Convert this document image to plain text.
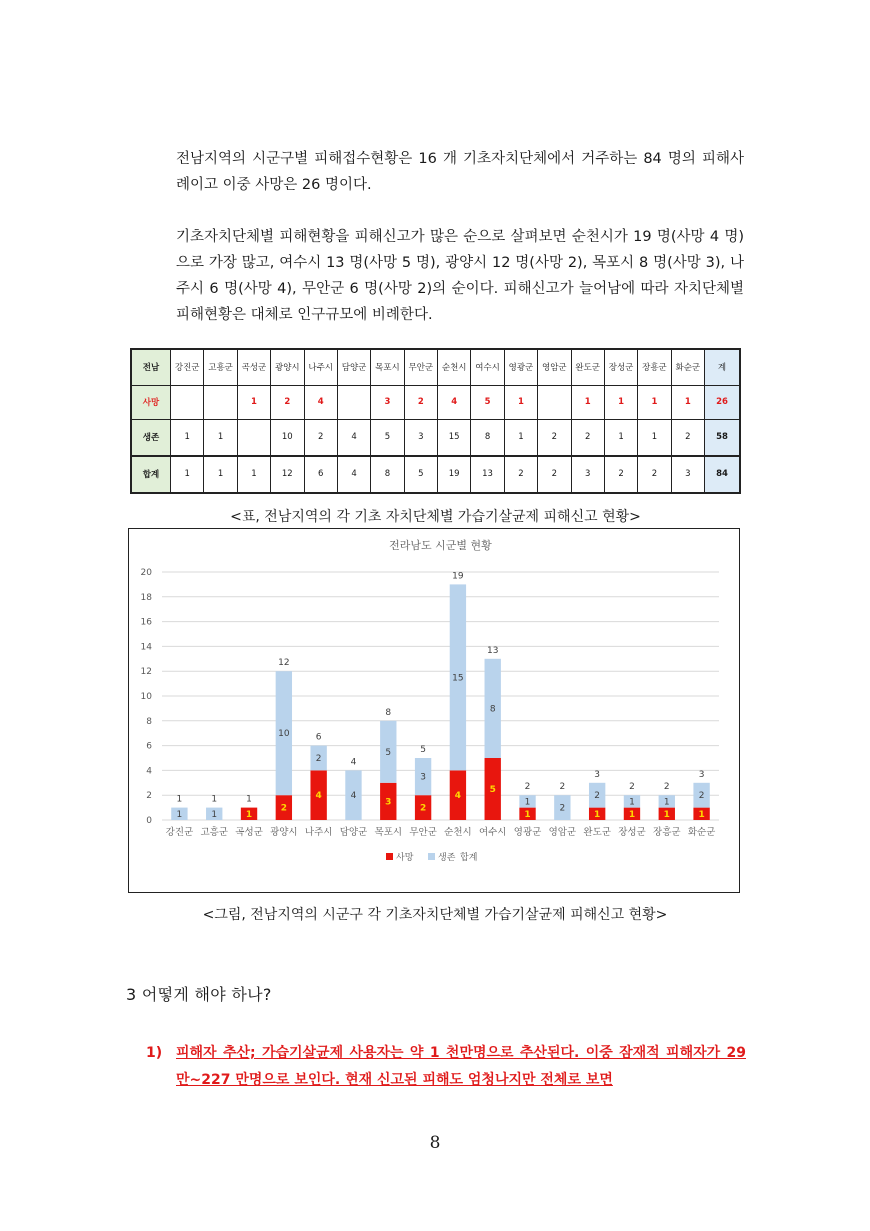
전남지역의 시군구별 피해접수현황은 16 개 기초자치단체에서 거주하는 84 명의 피해사례이고 이중 사망은 26 명이다.
기초자치단체별 피해현황을 피해신고가 많은 순으로 살펴보면 순천시가 19 명(사망 4 명)으로 가장 많고, 여수시 13 명(사망 5 명), 광양시 12 명(사망 2), 목포시 8 명(사망 3), 나주시 6 명(사망 4), 무안군 6 명(사망 2)의 순이다. 피해신고가 늘어남에 따라 자치단체별 피해현황은 대체로 인구규모에 비례한다.
전남	강진군	고흥군	곡성군	광양시	나주시	담양군	목포시	무안군	순천시	여수시	영광군	영암군	완도군	장성군	장흥군	화순군	계
사망			1	2	4		3	2	4	5	1		1	1	1	1	26
생존	1	1		10	2	4	5	3	15	8	1	2	2	1	1	2	58
합계	1	1	1	12	6	4	8	5	19	13	2	2	3	2	2	3	84
<표, 전남지역의 각 기초 자치단체별 가습기살균제 피해신고 현황>
전라남도 시군별 현황
0
2
4
6
8
10
12
14
16
18
20
1
1
강진군
1
1
고흥군
1
1
곡성군
2
10
12
광양시
4
2
6
나주시
4
4
담양군
3
5
8
목포시
2
3
5
무안군
4
15
19
순천시
5
8
13
여수시
1
1
2
영광군
2
2
영암군
1
2
3
완도군
1
1
2
장성군
1
1
2
장흥군
1
2
3
화순군
사망	생존 합계
<그림, 전남지역의 시군구 각 기초자치단체별 가습기살균제 피해신고 현황>
3 어떻게 해야 하나?
1) 피해자 추산; 가습기살균제 사용자는 약 1 천만명으로 추산된다. 이중 잠재적 피해자가 29 만~227 만명으로 보인다. 현재 신고된 피해도 엄청나지만 전체로 보면
8
